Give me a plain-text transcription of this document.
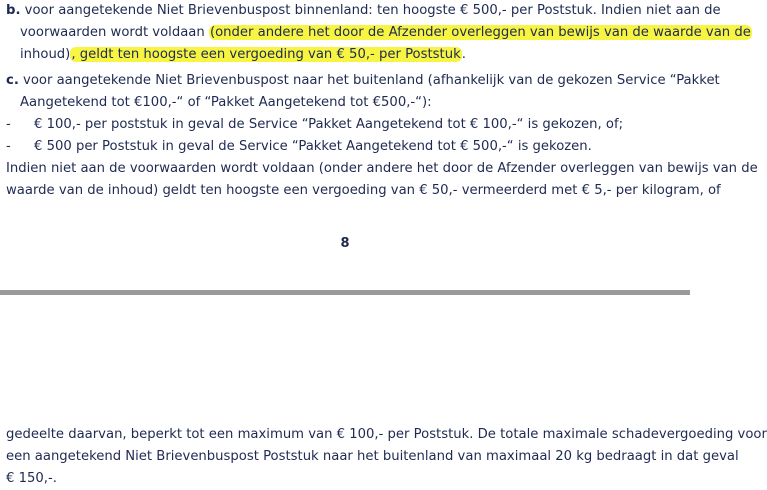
b. voor aangetekende Niet Brievenbuspost binnenland: ten hoogste € 500,- per Poststuk. Indien niet aan de
voorwaarden wordt voldaan (onder andere het door de Afzender overleggen van bewijs van de waarde van de
inhoud), geldt ten hoogste een vergoeding van € 50,- per Poststuk.
c. voor aangetekende Niet Brievenbuspost naar het buitenland (afhankelijk van de gekozen Service “Pakket
Aangetekend tot €100,-“ of “Pakket Aangetekend tot €500,-“):
- € 100,- per poststuk in geval de Service “Pakket Aangetekend tot € 100,-“ is gekozen, of;
- € 500 per Poststuk in geval de Service “Pakket Aangetekend tot € 500,-“ is gekozen.
Indien niet aan de voorwaarden wordt voldaan (onder andere het door de Afzender overleggen van bewijs van de
waarde van de inhoud) geldt ten hoogste een vergoeding van € 50,- vermeerderd met € 5,- per kilogram, of
8
gedeelte daarvan, beperkt tot een maximum van € 100,- per Poststuk. De totale maximale schadevergoeding voor
een aangetekend Niet Brievenbuspost Poststuk naar het buitenland van maximaal 20 kg bedraagt in dat geval
€ 150,-.
